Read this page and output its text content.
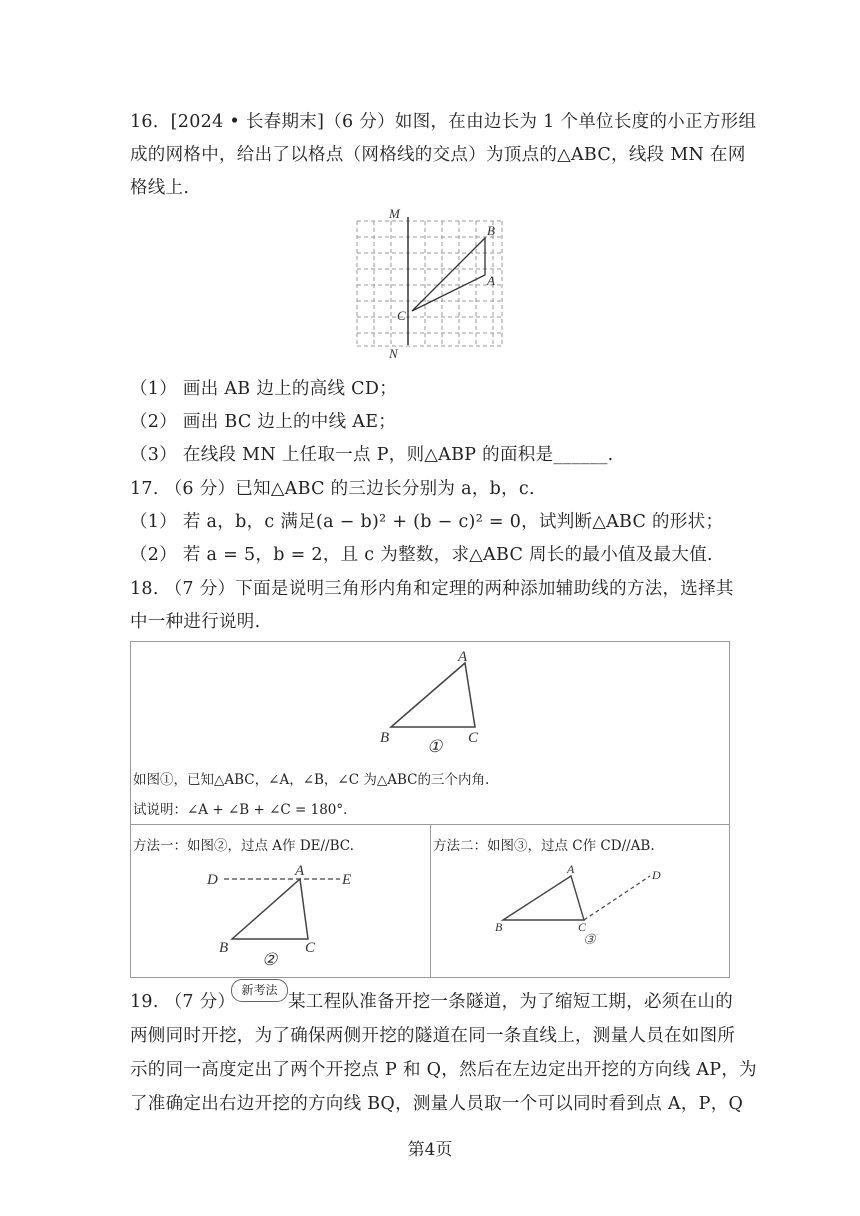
16．[2024 • 长春期末]（6 分）如图，在由边长为 1 个单位长度的小正方形组
成的网格中，给出了以格点（网格线的交点）为顶点的△ABC，线段 MN 在网
格线上.
M
N
B
A
C
（1） 画出 AB 边上的高线 CD；
（2） 画出 BC 边上的中线 AE；
（3） 在线段 MN 上任取一点 P，则△ABP 的面积是______.
17. （6 分）已知△ABC 的三边长分别为 a，b，c.
（1） 若 a，b，c 满足(a − b)² + (b − c)² = 0，试判断△ABC 的形状；
（2） 若 a = 5，b = 2，且 c 为整数，求△ABC 周长的最小值及最大值.
18. （7 分）下面是说明三角形内角和定理的两种添加辅助线的方法，选择其
中一种进行说明.
A
B	C
①
如图①，已知△ABC，∠A，∠B，∠C 为△ABC的三个内角.
试说明：∠A + ∠B + ∠C = 180°.
方法一：如图②，过点 A作 DE//BC.	方法二：如图③，过点 C作 CD//AB.
D
A
E
B	C
②
A	D
B	C
③
19. （7 分）
新考法
某工程队准备开挖一条隧道，为了缩短工期，必须在山的
两侧同时开挖，为了确保两侧开挖的隧道在同一条直线上，测量人员在如图所
示的同一高度定出了两个开挖点 P 和 Q，然后在左边定出开挖的方向线 AP，为
了准确定出右边开挖的方向线 BQ，测量人员取一个可以同时看到点 A，P，Q
第4页
